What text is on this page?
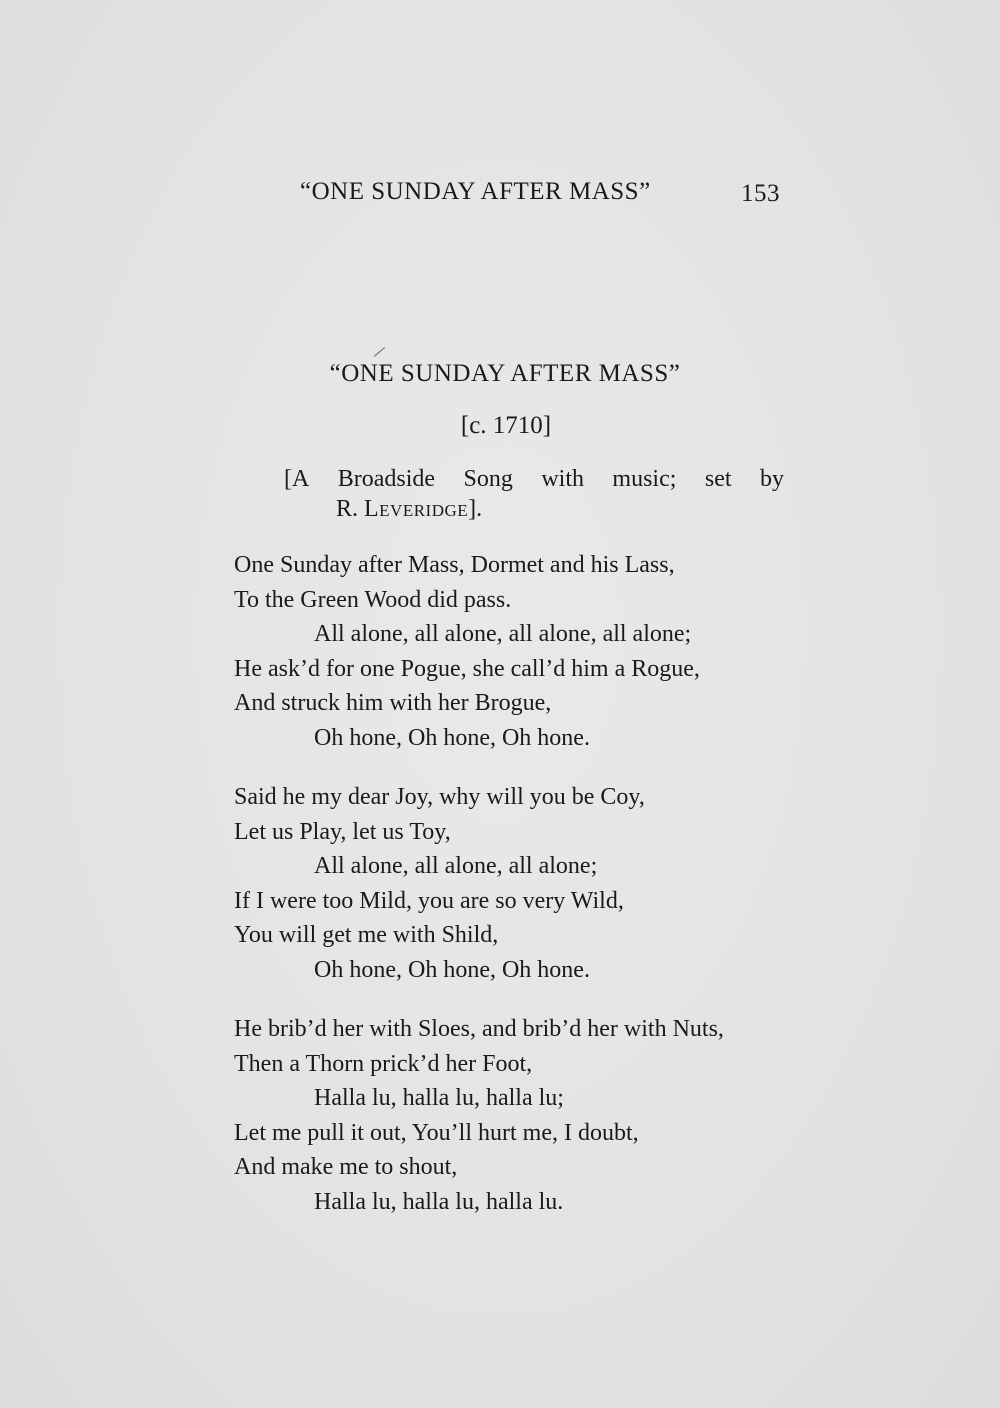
“ONE SUNDAY AFTER MASS”	153
“ONE SUNDAY AFTER MASS”
[c. 1710]
[A Broadside Song with music; set by
R. Leveridge].
One Sunday after Mass, Dormet and his Lass,
To the Green Wood did pass.
All alone, all alone, all alone, all alone;
He ask’d for one Pogue, she call’d him a Rogue,
And struck him with her Brogue,
Oh hone, Oh hone, Oh hone.
Said he my dear Joy, why will you be Coy,
Let us Play, let us Toy,
All alone, all alone, all alone;
If I were too Mild, you are so very Wild,
You will get me with Shild,
Oh hone, Oh hone, Oh hone.
He brib’d her with Sloes, and brib’d her with Nuts,
Then a Thorn prick’d her Foot,
Halla lu, halla lu, halla lu;
Let me pull it out, You’ll hurt me, I doubt,
And make me to shout,
Halla lu, halla lu, halla lu.
